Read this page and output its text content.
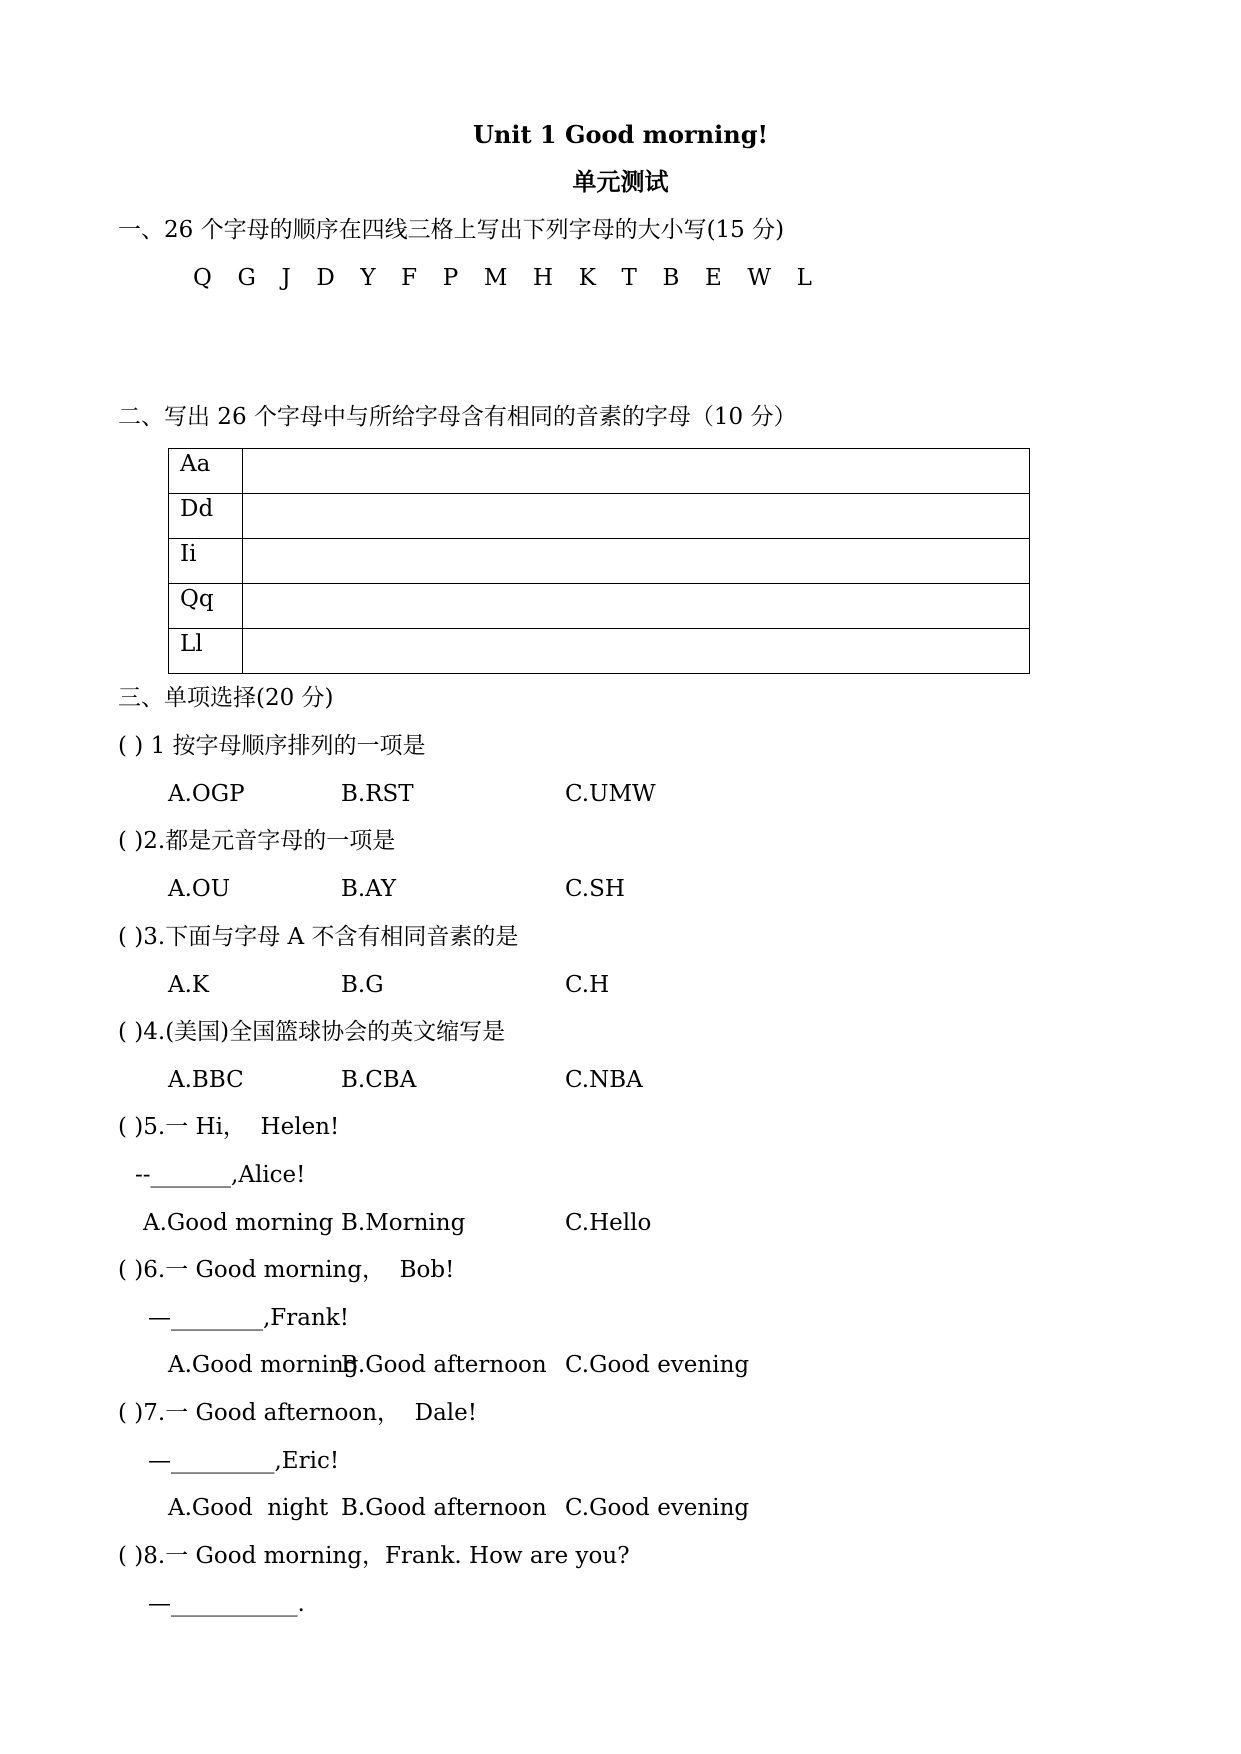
Unit 1 Good morning!
单元测试
一、26 个字母的顺序在四线三格上写出下列字母的大小写(15 分)
Q  G  J  D  Y  F  P  M  H  K  T  B  E  W  L
二、写出 26 个字母中与所给字母含有相同的音素的字母（10 分）
Aa	
Dd	
Ii	
Qq	
Ll	
三、单项选择(20 分)
( ) 1 按字母顺序排列的一项是
A.OGP	B.RST	C.UMW
( )2.都是元音字母的一项是
A.OU	B.AY	C.SH
( )3.下面与字母 A 不含有相同音素的是
A.K	B.G	C.H
( )4.(美国)全国篮球协会的英文缩写是
A.BBC	B.CBA	C.NBA
( )5.一 Hi，  Helen!
--_______,Alice!
A.Good morning B.Morning	C.Hello
( )6.一 Good morning，  Bob!
—________,Frank!
A.Good morning
B.Good afternoon C.Good evening
( )7.一 Good afternoon，  Dale!
—_________,Eric!
A.Good  night B.Good afternoon C.Good evening
( )8.一 Good morning，Frank. How are you?
—___________.
